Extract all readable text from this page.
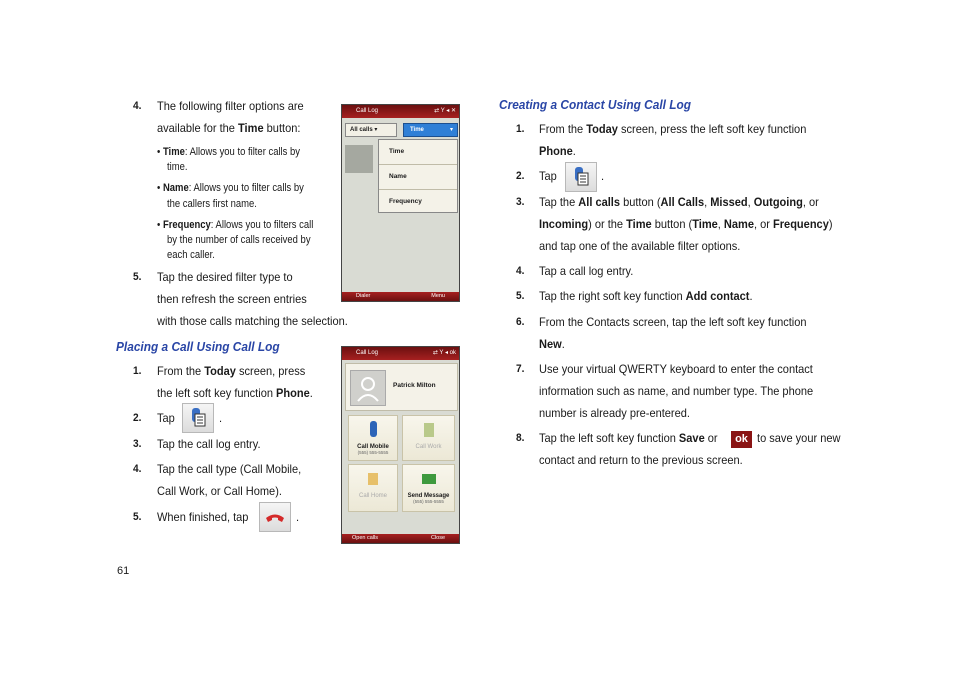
4. The following filter options are
available for the Time button:
• Time: Allows you to filter calls by
time.
• Name: Allows you to filter calls by
the callers first name.
• Frequency: Allows you to filters call
by the number of calls received by
each caller.
5. Tap the desired filter type to
then refresh the screen entries
with those calls matching the selection.
Placing a Call Using Call Log
1. From the Today screen, press
the left soft key function Phone.
2. Tap	.
3. Tap the call log entry.
4. Tap the call type (Call Mobile,
Call Work, or Call Home).
5. When finished, tap	.
Call Log	⇄ Y ◂ ✕
All calls ▾	Time	▾
Time
Name
Frequency
Dialer	Menu
Call Log	⇄ Y ◂ ok
Patrick Milton
Call Mobile
(555) 555-5555
Call Work
Call Home	Send Message
(555) 555-5555
Open calls	Close
Creating a Contact Using Call Log
1. From the Today screen, press the left soft key function
Phone.
2. Tap	.
3. Tap the All calls button (All Calls, Missed, Outgoing, or
Incoming) or the Time button (Time, Name, or Frequency)
and tap one of the available filter options.
4. Tap a call log entry.
5. Tap the right soft key function Add contact.
6. From the Contacts screen, tap the left soft key function
New.
7. Use your virtual QWERTY keyboard to enter the contact
information such as name, and number type. The phone
number is already pre-entered.
8. Tap the left soft key function Save or	ok to save your new
contact and return to the previous screen.
61
